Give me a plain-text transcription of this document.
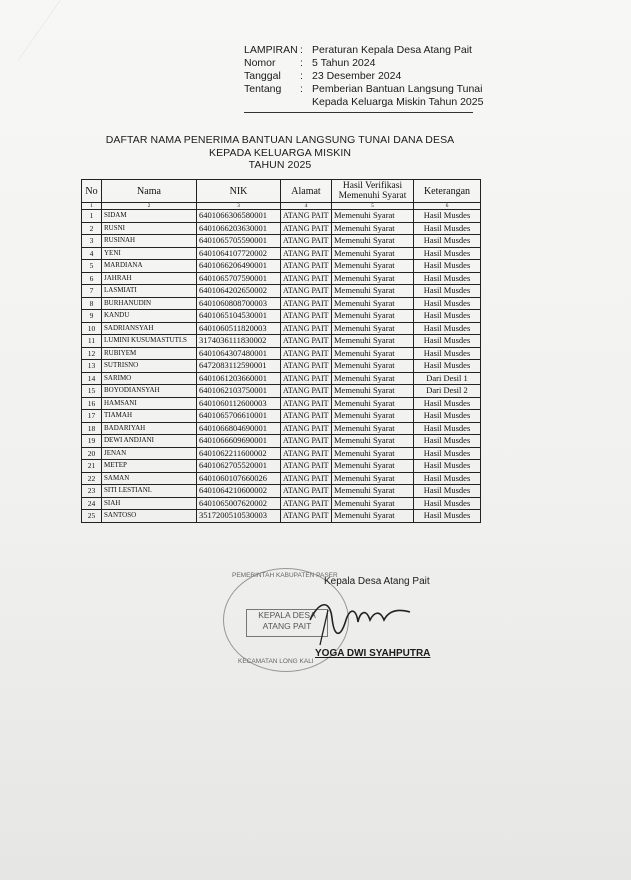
LAMPIRAN : Peraturan Kepala Desa Atang Pait
Nomor	: 5 Tahun 2024
Tanggal	: 23 Desember 2024
Tentang	: Pemberian Bantuan Langsung Tunai
Kepada Keluarga Miskin Tahun 2025
DAFTAR NAMA PENERIMA BANTUAN LANGSUNG TUNAI DANA DESA
KEPADA KELUARGA MISKIN
TAHUN 2025
No	Nama	NIK	Alamat	Hasil Verifikasi Memenuhi Syarat	Keterangan
1	2	3	4	5	6
1	SIDAM	6401066306580001	ATANG PAIT	Memenuhi Syarat	Hasil Musdes
2	RUSNI	6401066203630001	ATANG PAIT	Memenuhi Syarat	Hasil Musdes
3	RUSINAH	6401065705590001	ATANG PAIT	Memenuhi Syarat	Hasil Musdes
4	YENI	6401064107720002	ATANG PAIT	Memenuhi Syarat	Hasil Musdes
5	MARDIANA	6401066206490001	ATANG PAIT	Memenuhi Syarat	Hasil Musdes
6	JAHRAH	6401065707590001	ATANG PAIT	Memenuhi Syarat	Hasil Musdes
7	LASMIATI	6401064202650002	ATANG PAIT	Memenuhi Syarat	Hasil Musdes
8	BURHANUDIN	6401060808700003	ATANG PAIT	Memenuhi Syarat	Hasil Musdes
9	KANDU	6401065104530001	ATANG PAIT	Memenuhi Syarat	Hasil Musdes
10	SADRIANSYAH	6401060511820003	ATANG PAIT	Memenuhi Syarat	Hasil Musdes
11	LUMINI KUSUMASTUTI.S	3174036111830002	ATANG PAIT	Memenuhi Syarat	Hasil Musdes
12	RUBIYEM	6401064307480001	ATANG PAIT	Memenuhi Syarat	Hasil Musdes
13	SUTRISNO	6472083112590001	ATANG PAIT	Memenuhi Syarat	Hasil Musdes
14	SARIMO	6401061203660001	ATANG PAIT	Memenuhi Syarat	Dari Desil 1
15	BOYODIANSYAH	6401062103750001	ATANG PAIT	Memenuhi Syarat	Dari Desil 2
16	HAMSANI	6401060112600003	ATANG PAIT	Memenuhi Syarat	Hasil Musdes
17	TIAMAH	6401065706610001	ATANG PAIT	Memenuhi Syarat	Hasil Musdes
18	BADARIYAH	6401066804690001	ATANG PAIT	Memenuhi Syarat	Hasil Musdes
19	DEWI ANDJANI	6401066609690001	ATANG PAIT	Memenuhi Syarat	Hasil Musdes
20	JENAN	6401062211600002	ATANG PAIT	Memenuhi Syarat	Hasil Musdes
21	METEP	6401062705520001	ATANG PAIT	Memenuhi Syarat	Hasil Musdes
22	SAMAN	6401060107660026	ATANG PAIT	Memenuhi Syarat	Hasil Musdes
23	SITI LESTIANI.	6401064210600002	ATANG PAIT	Memenuhi Syarat	Hasil Musdes
24	SIAH	6401065007620002	ATANG PAIT	Memenuhi Syarat	Hasil Musdes
25	SANTOSO	3517200510530003	ATANG PAIT	Memenuhi Syarat	Hasil Musdes
PEMERINTAH KABUPATEN PASER
KECAMATAN LONG KALI
KEPALA DESA
ATANG PAIT
Kepala Desa Atang Pait
YOGA DWI SYAHPUTRA
